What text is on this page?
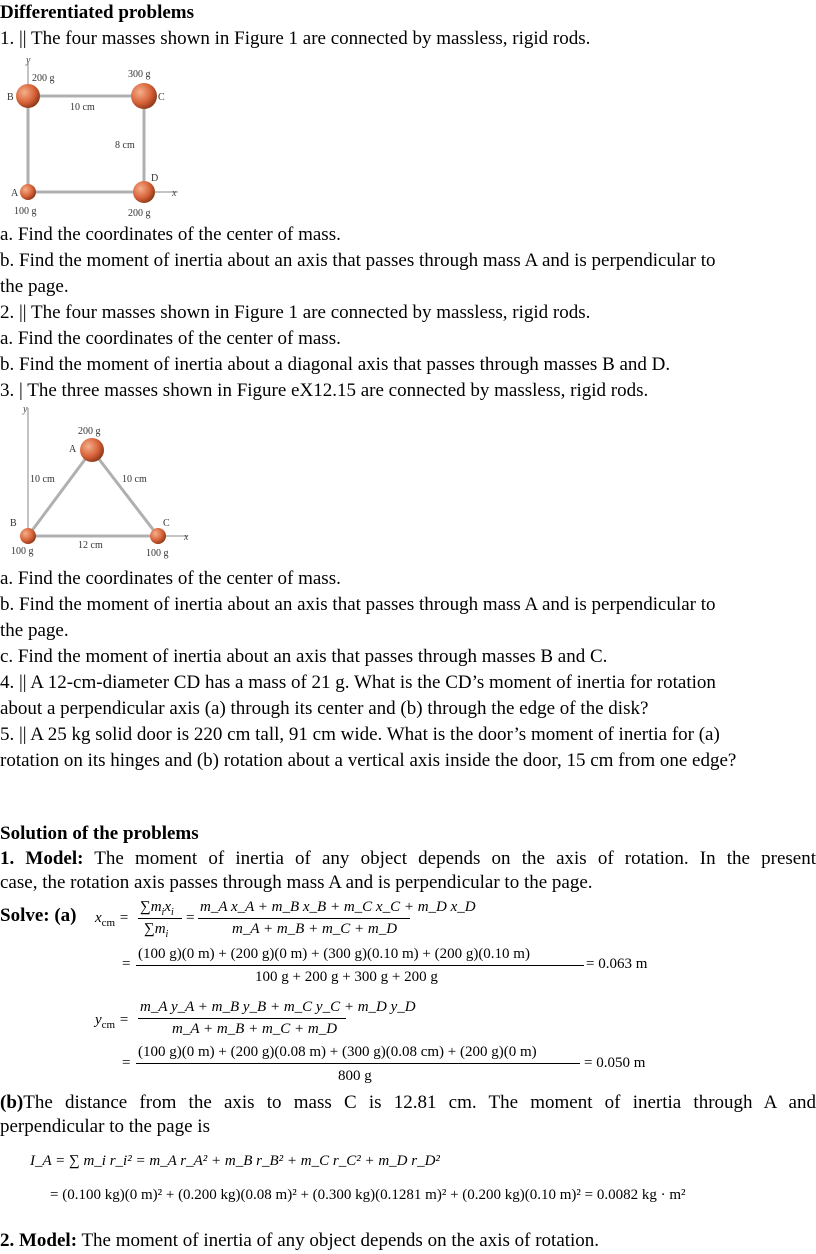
Differentiated problems
1. || The four masses shown in Figure 1 are connected by massless, rigid rods.
y
x
200 g	300 g
100 g	200 g
B	C
A
D
10 cm
8 cm
a. Find the coordinates of the center of mass.
b. Find the moment of inertia about an axis that passes through mass A and is perpendicular to
the page.
2. || The four masses shown in Figure 1 are connected by massless, rigid rods.
a. Find the coordinates of the center of mass.
b. Find the moment of inertia about a diagonal axis that passes through masses B and D.
3. | The three masses shown in Figure eX12.15 are connected by massless, rigid rods.
y
x
200 g
100 g	100 g
A
B	C
10 cm	10 cm
12 cm
a. Find the coordinates of the center of mass.
b. Find the moment of inertia about an axis that passes through mass A and is perpendicular to
the page.
c. Find the moment of inertia about an axis that passes through masses B and C.
4. || A 12-cm-diameter CD has a mass of 21 g. What is the CD’s moment of inertia for rotation
about a perpendicular axis (a) through its center and (b) through the edge of the disk?
5. || A 25 kg solid door is 220 cm tall, 91 cm wide. What is the door’s moment of inertia for (a)
rotation on its hinges and (b) rotation about a vertical axis inside the door, 15 cm from one edge?
Solution of the problems
1. Model: The moment of inertia of any object depends on the axis of rotation. In the present
case, the rotation axis passes through mass A and is perpendicular to the page.
Solve: (a) $x_{cm}$ =
$\sum m_ix_i$
$\sum m_i$
=
m_A x_A + m_B x_B + m_C x_C + m_D x_D
m_A + m_B + m_C + m_D
=
(100 g)(0 m) + (200 g)(0 m) + (300 g)(0.10 m) + (200 g)(0.10 m)
100 g + 200 g + 300 g + 200 g
= 0.063 m
$y_{cm}$ =
m_A y_A + m_B y_B + m_C y_C + m_D y_D
m_A + m_B + m_C + m_D
=
(100 g)(0 m) + (200 g)(0.08 m) + (300 g)(0.08 cm) + (200 g)(0 m)
800 g
= 0.050 m
(b)The distance from the axis to mass C is 12.81 cm. The moment of inertia through A and
perpendicular to the page is
I_A = ∑ m_i r_i² = m_A r_A² + m_B r_B² + m_C r_C² + m_D r_D²
= (0.100 kg)(0 m)² + (0.200 kg)(0.08 m)² + (0.300 kg)(0.1281 m)² + (0.200 kg)(0.10 m)² = 0.0082 kg · m²
2. Model: The moment of inertia of any object depends on the axis of rotation.
